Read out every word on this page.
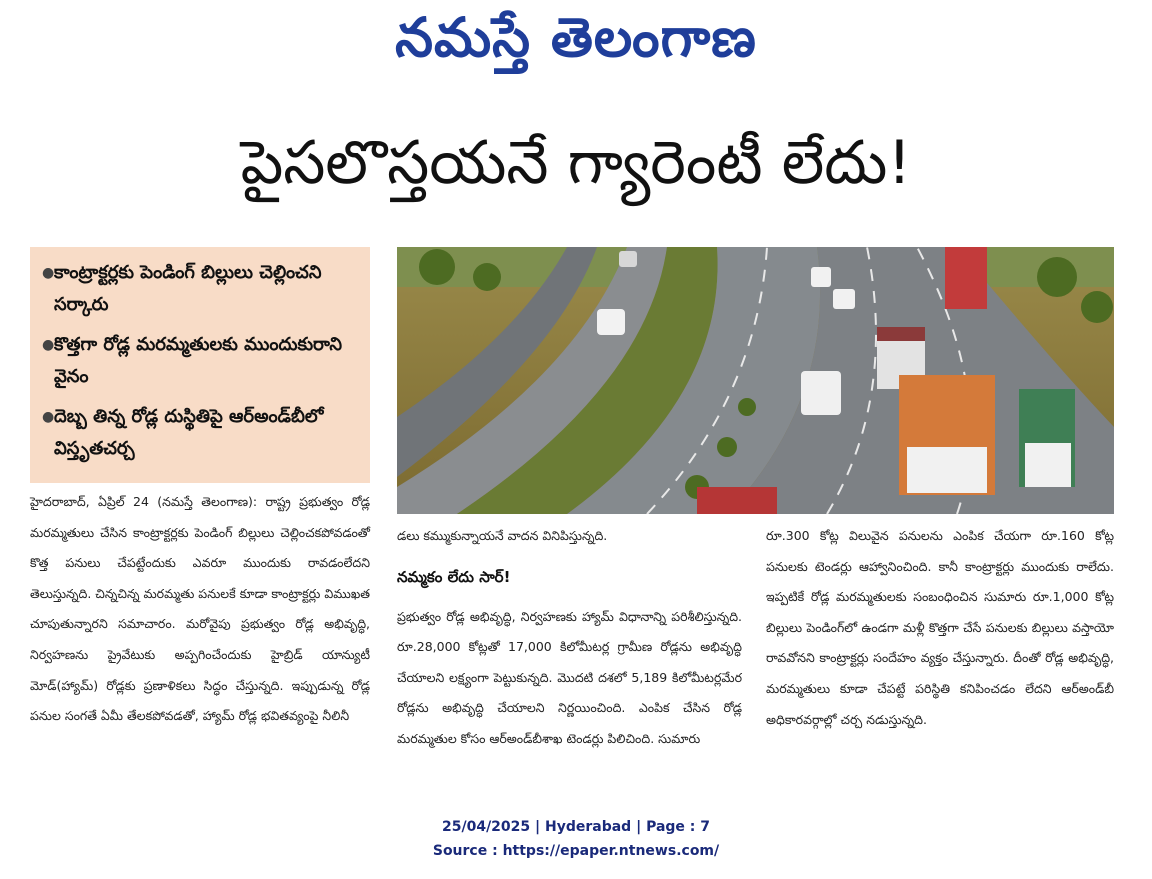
నమస్తే తెలంగాణ
పైసలొస్తయనే గ్యారెంటీ లేదు!
● కాంట్రాక్టర్లకు పెండింగ్ బిల్లులు చెల్లించని సర్కారు
● కొత్తగా రోడ్ల మరమ్మతులకు ముందుకురాని వైనం
● దెబ్బ తిన్న రోడ్ల దుస్థితిపై ఆర్అండ్‌బీలో విస్తృతచర్చ

హైదరాబాద్, ఏప్రిల్ 24 (నమస్తే తెలంగాణ): రాష్ట్ర ప్రభుత్వం రోడ్ల మరమ్మతులు చేసిన కాంట్రాక్టర్లకు పెండింగ్ బిల్లులు చెల్లించకపోవడంతో కొత్త పనులు చేపట్టేందుకు ఎవరూ ముందుకు రావడంలేదని తెలుస్తున్నది. చిన్నచిన్న మరమ్మతు పనులకే కూడా కాంట్రాక్టర్లు విముఖత చూపుతున్నారని సమాచారం. మరోవైపు ప్రభుత్వం రోడ్ల అభివృద్ధి, నిర్వహణను ప్రైవేటుకు అప్పగించేందుకు హైబ్రిడ్ యాన్యుటీ మోడ్(హ్యామ్) రోడ్లకు ప్రణాళికలు సిద్ధం చేస్తున్నది. ఇప్పుడున్న రోడ్ల పనుల సంగతే ఏమీ తేలకపోవడతో, హ్యామ్ రోడ్ల భవితవ్యంపై నీలినీ

డలు కమ్ముకున్నాయనే వాదన వినిపిస్తున్నది.

నమ్మకం లేదు సార్!

ప్రభుత్వం రోడ్ల అభివృద్ధి, నిర్వహణకు హ్యామ్ విధానాన్ని పరిశీలిస్తున్నది. రూ.28,000 కోట్లతో 17,000 కిలోమీటర్ల గ్రామీణ రోడ్లను అభివృద్ధి చేయాలని లక్ష్యంగా పెట్టుకున్నది. మొదటి దశలో 5,189 కిలోమీటర్లమేర రోడ్లను అభివృద్ధి చేయాలని నిర్ణయించింది. ఎంపిక చేసిన రోడ్ల మరమ్మతుల కోసం ఆర్అండ్‌బీశాఖ టెండర్లు పిలిచింది. సుమారు

రూ.300 కోట్ల విలువైన పనులను ఎంపిక చేయగా రూ.160 కోట్ల పనులకు టెండర్లు ఆహ్వానించింది. కానీ కాంట్రాక్టర్లు ముందుకు రాలేదు. ఇప్పటికే రోడ్ల మరమ్మతులకు సంబంధించిన సుమారు రూ.1,000 కోట్ల బిల్లులు పెండింగ్‌లో ఉండగా మళ్లీ కొత్తగా చేసే పనులకు బిల్లులు వస్తాయో రావవోనని కాంట్రాక్టర్లు సందేహం వ్యక్తం చేస్తున్నారు. దీంతో రోడ్ల అభివృద్ధి, మరమ్మతులు కూడా చేపట్టే పరిస్థితి కనిపించడం లేదని ఆర్అండ్‌బీ అధికారవర్గాల్లో చర్చ నడుస్తున్నది.

25/04/2025 | Hyderabad | Page : 7
Source : https://epaper.ntnews.com/
